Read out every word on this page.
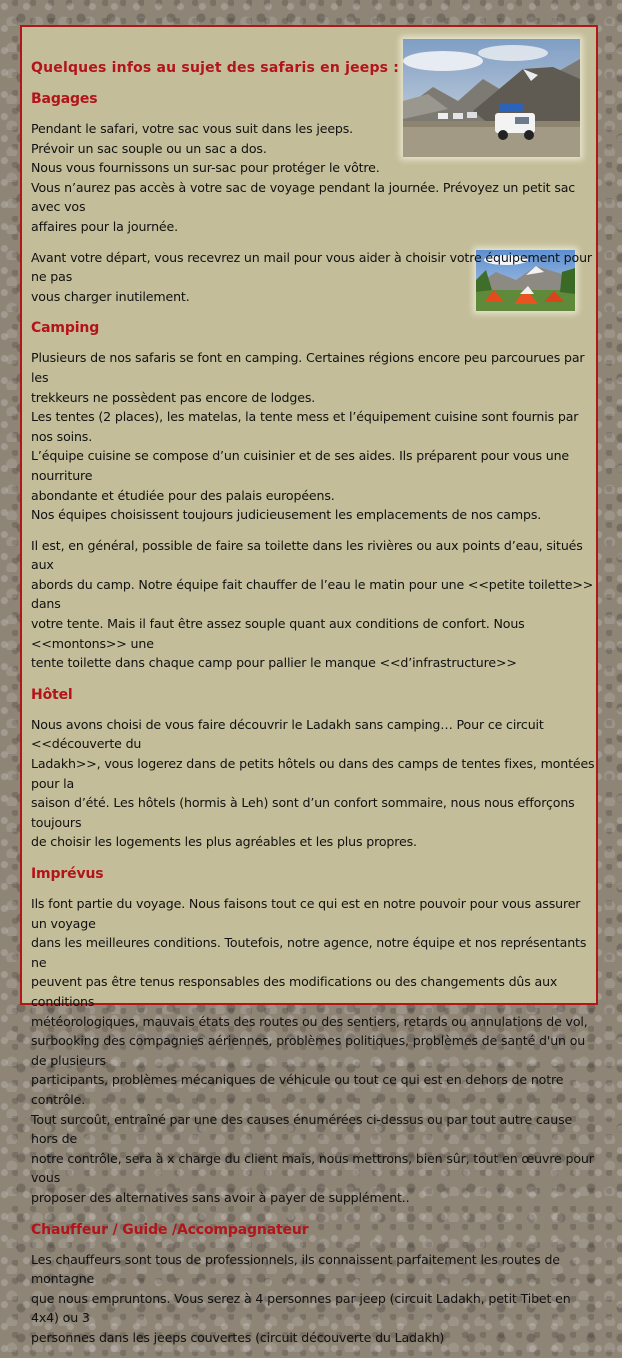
Quelques infos au sujet des safaris en jeeps :
Bagages

Pendant le safari, votre sac vous suit dans les jeeps.
Prévoir un sac souple ou un sac a dos.
Nous vous fournissons un sur-sac pour protéger le vôtre.
Vous n’aurez pas accès à votre sac de voyage pendant la journée. Prévoyez un petit sac avec vos
affaires pour la journée.

Avant votre départ, vous recevrez un mail pour vous aider à choisir votre équipement pour ne pas
vous charger inutilement.

Camping

Plusieurs de nos safaris se font en camping. Certaines régions encore peu parcourues par les
trekkeurs ne possèdent pas encore de lodges.
Les tentes (2 places), les matelas, la tente mess et l’équipement cuisine sont fournis par nos soins.
L’équipe cuisine se compose d’un cuisinier et de ses aides. Ils préparent pour vous une nourriture
abondante et étudiée pour des palais européens.
Nos équipes choisissent toujours judicieusement les emplacements de nos camps.

Il est, en général, possible de faire sa toilette dans les rivières ou aux points d’eau, situés aux
abords du camp. Notre équipe fait chauffer de l’eau le matin pour une <<petite toilette>> dans
votre tente. Mais il faut être assez souple quant aux conditions de confort. Nous <<montons>> une
tente toilette dans chaque camp pour pallier le manque <<d’infrastructure>>

Hôtel

Nous avons choisi de vous faire découvrir le Ladakh sans camping… Pour ce circuit <<découverte du
Ladakh>>, vous logerez dans de petits hôtels ou dans des camps de tentes fixes, montées pour la
saison d’été. Les hôtels (hormis à Leh) sont d’un confort sommaire, nous nous efforçons toujours
de choisir les logements les plus agréables et les plus propres.

Imprévus

Ils font partie du voyage. Nous faisons tout ce qui est en notre pouvoir pour vous assurer un voyage
dans les meilleures conditions. Toutefois, notre agence, notre équipe et nos représentants ne
peuvent pas être tenus responsables des modifications ou des changements dûs aux conditions
météorologiques, mauvais états des routes ou des sentiers, retards ou annulations de vol,
surbooking des compagnies aériennes, problèmes politiques, problèmes de santé d'un ou de plusieurs
participants, problèmes mécaniques de véhicule ou tout ce qui est en dehors de notre contrôle.
Tout surcoût, entraîné par une des causes énumérées ci-dessus ou par tout autre cause hors de
notre contrôle, sera à x charge du client mais, nous mettrons, bien sûr, tout en œuvre pour vous
proposer des alternatives sans avoir à payer de supplément..

Chauffeur / Guide /Accompagnateur

Les chauffeurs sont tous de professionnels, ils connaissent parfaitement les routes de montagne
que nous empruntons. Vous serez à 4 personnes par jeep (circuit Ladakh, petit Tibet en 4x4) ou 3
personnes dans les jeeps couvertes (circuit découverte du Ladakh)
